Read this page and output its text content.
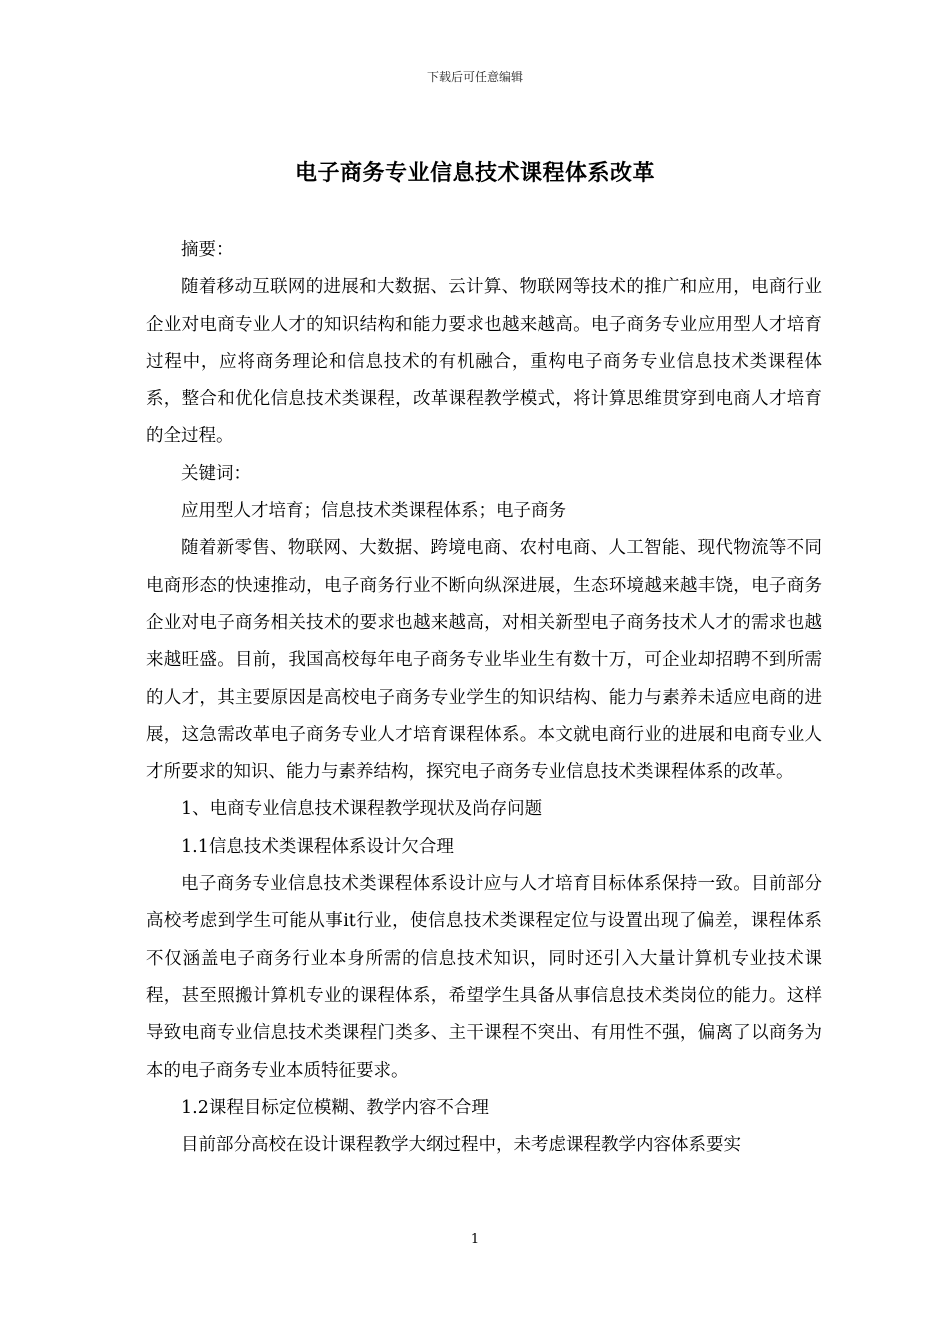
下载后可任意编辑
电子商务专业信息技术课程体系改革

摘要：

随着移动互联网的进展和大数据、云计算、物联网等技术的推广和应用，电商行业企业对电商专业人才的知识结构和能力要求也越来越高。电子商务专业应用型人才培育过程中，应将商务理论和信息技术的有机融合，重构电子商务专业信息技术类课程体系，整合和优化信息技术类课程，改革课程教学模式，将计算思维贯穿到电商人才培育的全过程。

关键词：

应用型人才培育；信息技术类课程体系；电子商务

随着新零售、物联网、大数据、跨境电商、农村电商、人工智能、现代物流等不同电商形态的快速推动，电子商务行业不断向纵深进展，生态环境越来越丰饶，电子商务企业对电子商务相关技术的要求也越来越高，对相关新型电子商务技术人才的需求也越来越旺盛。目前，我国高校每年电子商务专业毕业生有数十万，可企业却招聘不到所需的人才，其主要原因是高校电子商务专业学生的知识结构、能力与素养未适应电商的进展，这急需改革电子商务专业人才培育课程体系。本文就电商行业的进展和电商专业人才所要求的知识、能力与素养结构，探究电子商务专业信息技术类课程体系的改革。

1、电商专业信息技术课程教学现状及尚存问题

1.1信息技术类课程体系设计欠合理

电子商务专业信息技术类课程体系设计应与人才培育目标体系保持一致。目前部分高校考虑到学生可能从事it行业，使信息技术类课程定位与设置出现了偏差，课程体系不仅涵盖电子商务行业本身所需的信息技术知识，同时还引入大量计算机专业技术课程，甚至照搬计算机专业的课程体系，希望学生具备从事信息技术类岗位的能力。这样导致电商专业信息技术类课程门类多、主干课程不突出、有用性不强，偏离了以商务为本的电子商务专业本质特征要求。

1.2课程目标定位模糊、教学内容不合理

目前部分高校在设计课程教学大纲过程中，未考虑课程教学内容体系要实

1
